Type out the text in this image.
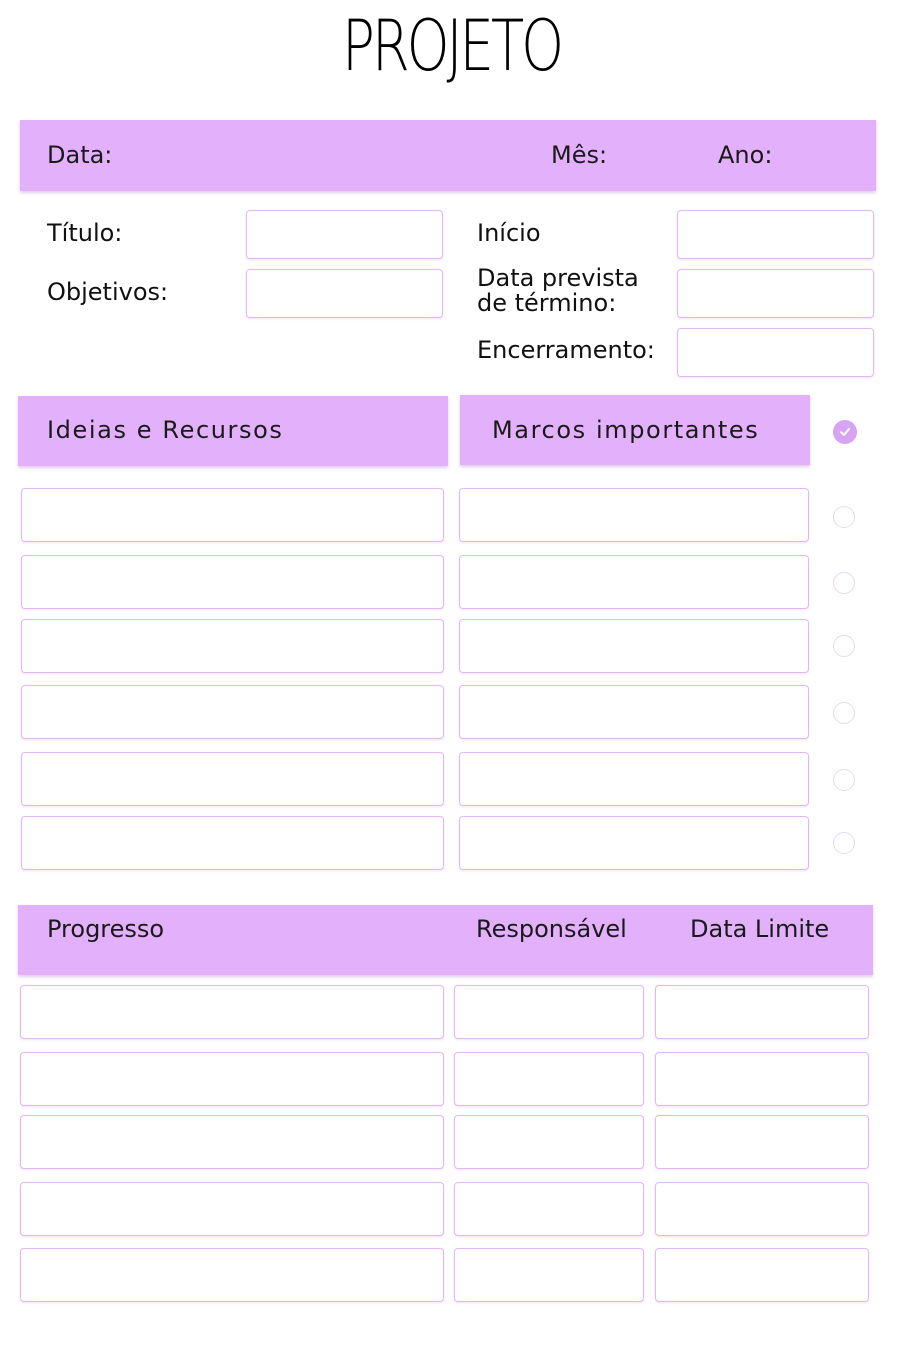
PROJETO
Data:	Mês:	Ano:
Título:
Objetivos:
Início
Data prevista
de término:
Encerramento:
Ideias e Recursos	Marcos importantes
Progresso	Responsável	Data Limite
